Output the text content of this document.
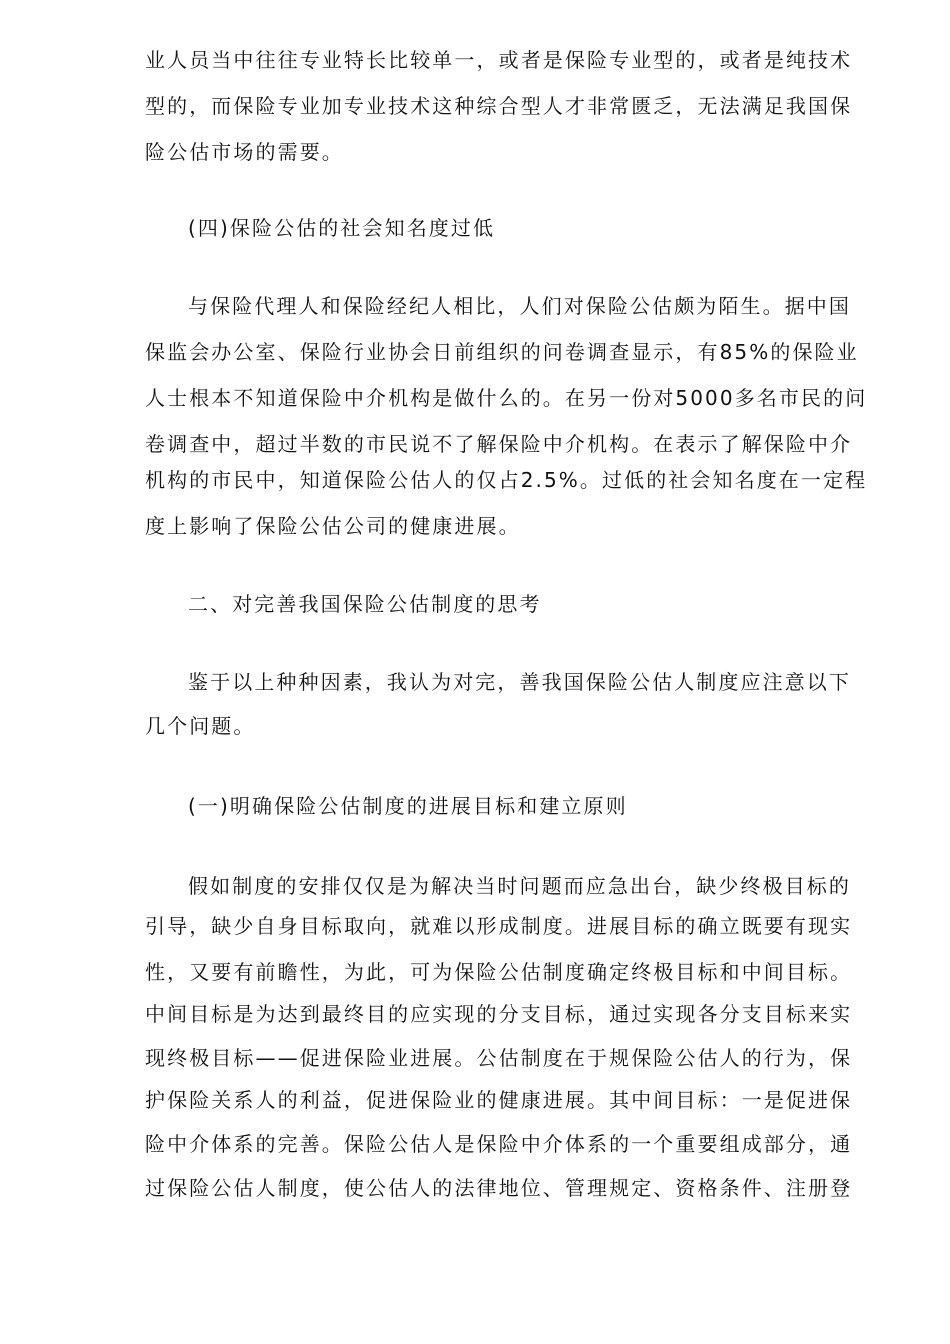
业人员当中往往专业特长比较单一，或者是保险专业型的，或者是纯技术
型的，而保险专业加专业技术这种综合型人才非常匮乏，无法满足我国保
险公估市场的需要。
(四)保险公估的社会知名度过低
与保险代理人和保险经纪人相比，人们对保险公估颇为陌生。据中国
保监会办公室、保险行业协会日前组织的问卷调查显示，有85%的保险业
人士根本不知道保险中介机构是做什么的。在另一份对5000多名市民的问
卷调查中，超过半数的市民说不了解保险中介机构。在表示了解保险中介
机构的市民中，知道保险公估人的仅占2.5%。过低的社会知名度在一定程
度上影响了保险公估公司的健康进展。
二、对完善我国保险公估制度的思考
鉴于以上种种因素，我认为对完，善我国保险公估人制度应注意以下
几个问题。
(一)明确保险公估制度的进展目标和建立原则
假如制度的安排仅仅是为解决当时问题而应急出台，缺少终极目标的
引导，缺少自身目标取向，就难以形成制度。进展目标的确立既要有现实
性，又要有前瞻性，为此，可为保险公估制度确定终极目标和中间目标。
中间目标是为达到最终目的应实现的分支目标，通过实现各分支目标来实
现终极目标——促进保险业进展。公估制度在于规保险公估人的行为，保
护保险关系人的利益，促进保险业的健康进展。其中间目标：一是促进保
险中介体系的完善。保险公估人是保险中介体系的一个重要组成部分，通
过保险公估人制度，使公估人的法律地位、管理规定、资格条件、注册登
